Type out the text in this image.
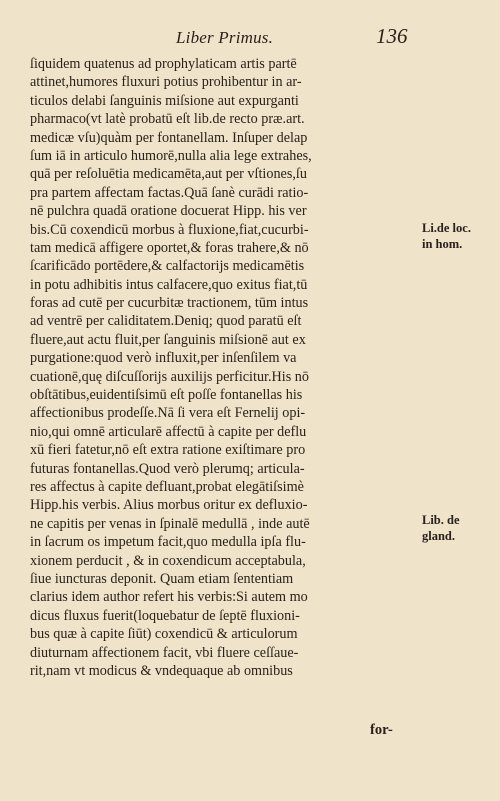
Liber Primus.	136
ſiquidem quatenus ad prophylaticam artis partē
attinet,humores fluxuri potius prohibentur in ar-
ticulos delabi ſanguinis miſsione aut expurganti
pharmaco(vt latè probatū eſt lib.de recto præ.art.
medicæ vſu)quàm per fontanellam. Inſuper delap
ſum iā in articulo humorē,nulla alia lege extrahes,
quā per reſoluētia medicamēta,aut per vſtiones,ſu
pra partem affectam factas.Quā ſanè curādi ratio-
nē pulchra quadā oratione docuerat Hipp. his ver
bis.Cū coxendicū morbus à fluxione,fiat,cucurbi-
tam medicā affigere oportet,& foras trahere,& nō
ſcarificādo portēdere,& calfactorijs medicamētis
in potu adhibitis intus calfacere,quo exitus fiat,tū
foras ad cutē per cucurbitæ tractionem, tūm intus
ad ventrē per caliditatem.Deniq; quod paratū eſt
fluere,aut actu fluit,per ſanguinis miſsionē aut ex
purgatione:quod verò influxit,per inſenſilem va
cuationē,quę diſcuſſorijs auxilijs perficitur.His nō
obſtātibus,euidentiſsimū eſt poſſe fontanellas his
affectionibus prodeſſe.Nā ſi vera eſt Fernelij opi-
nio,qui omnē articularē affectū à capite per deflu
xū fieri fatetur,nō eſt extra ratione exiſtimare pro
futuras fontanellas.Quod verò plerumq; articula-
res affectus à capite defluant,probat elegātiſsimè
Hipp.his verbis. Alius morbus oritur ex defluxio-
ne capitis per venas in ſpinalē medullā , inde autē
in ſacrum os impetum facit,quo medulla ipſa flu-
xionem perducit , & in coxendicum acceptabula,
ſiue iuncturas deponit. Quam etiam ſententiam
clarius idem author refert his verbis:Si autem mo
dicus fluxus fuerit(loquebatur de ſeptē fluxioni-
bus quæ à capite ſiūt) coxendicū & articulorum
diuturnam affectionem facit, vbi fluere ceſſaue-
rit,nam vt modicus & vndequaque ab omnibus
Li.de loc.
in hom.
Lib. de
gland.
for-
